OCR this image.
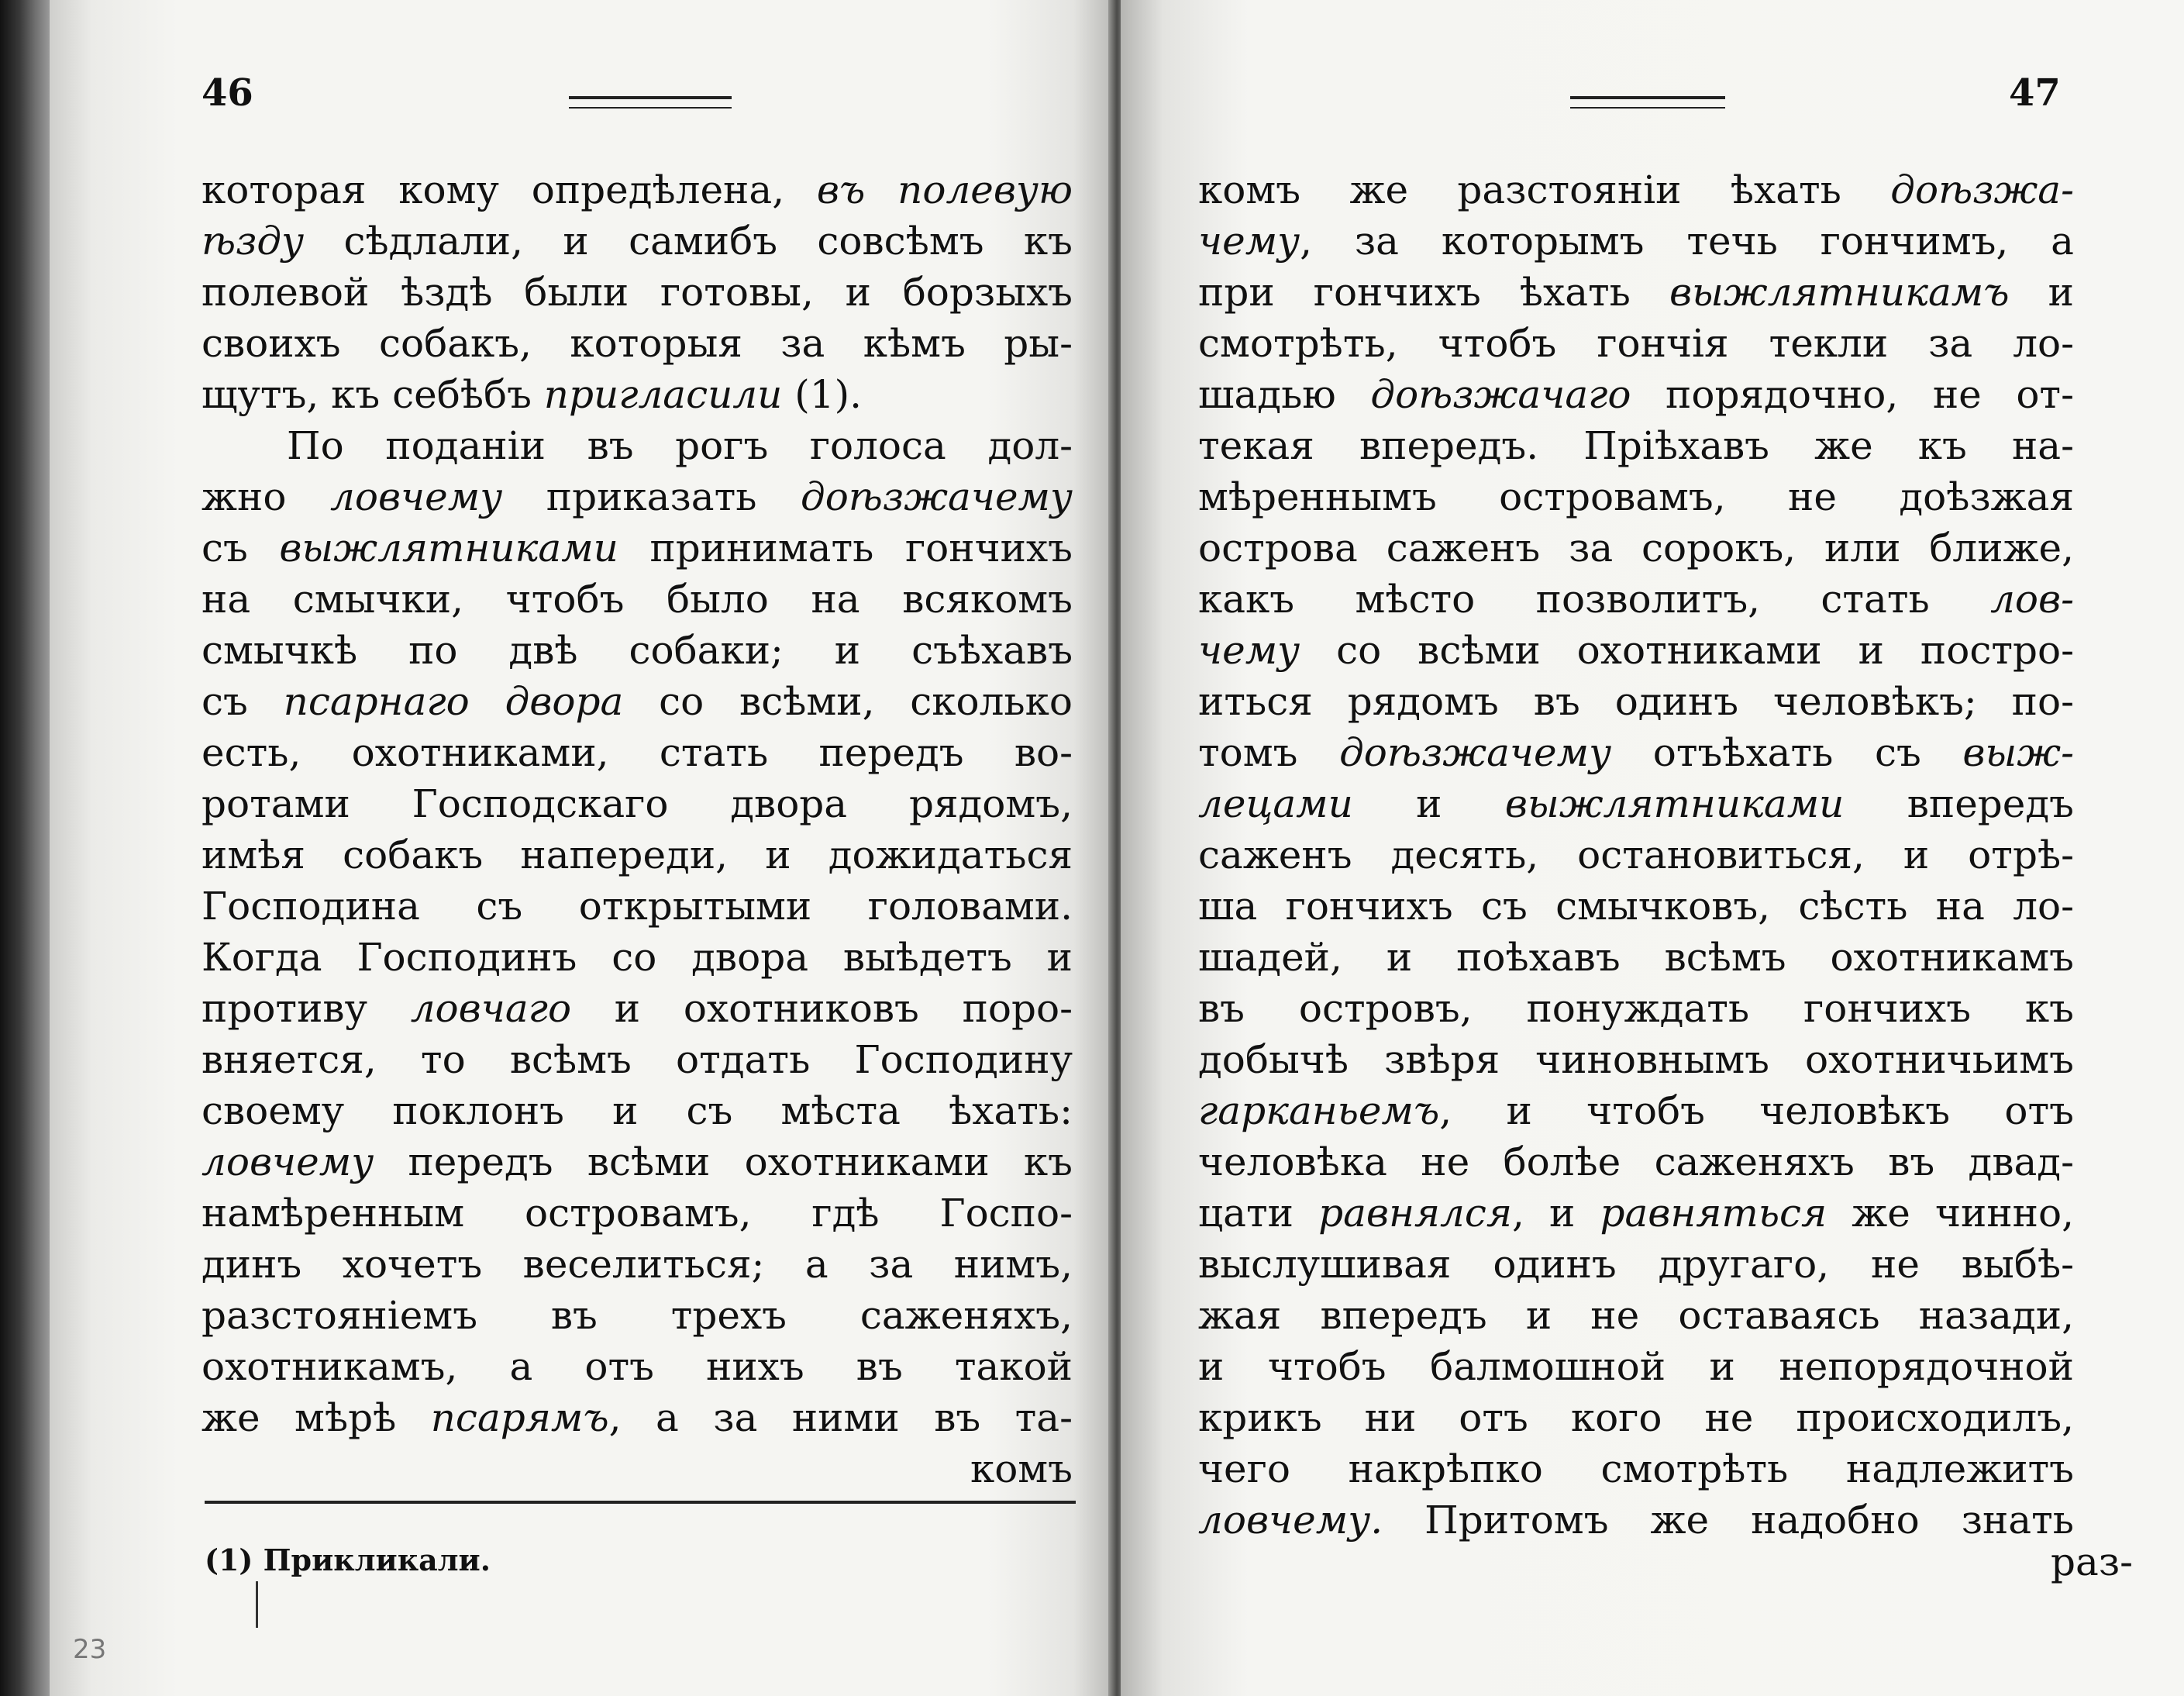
46
которая кому опредѣлена, въ полевую
ѣзду сѣдлали, и самибъ совсѣмъ къ
полевой ѣздѣ были готовы, и борзыхъ
своихъ собакъ, которыя за кѣмъ ры-
щутъ, къ себѣбъ пригласили (1).
По поданіи въ рогъ голоса дол-
жно ловчему приказать доѣзжачему
съ выжлятниками принимать гончихъ
на смычки, чтобъ было на всякомъ
смычкѣ по двѣ собаки; и съѣхавъ
съ псарнаго двора со всѣми, сколько
есть, охотниками, стать передъ во-
ротами Господскаго двора рядомъ,
имѣя собакъ напереди, и дожидаться
Господина съ открытыми головами.
Когда Господинъ со двора выѣдетъ и
противу ловчаго и охотниковъ поро-
вняется, то всѣмъ отдать Господину
своему поклонъ и съ мѣста ѣхать:
ловчему передъ всѣми охотниками къ
намѣренным островамъ, гдѣ Госпо-
динъ хочетъ веселиться; а за нимъ,
разстояніемъ въ трехъ саженяхъ,
охотникамъ, а отъ нихъ въ такой
же мѣрѣ псарямъ, а за ними въ та-
комъ
(1) Прикликали.
47
комъ же разстояніи ѣхать доѣзжа-
чему, за которымъ течь гончимъ, а
при гончихъ ѣхать выжлятникамъ и
смотрѣть, чтобъ гончія текли за ло-
шадью доѣзжачаго порядочно, не от-
текая впередъ. Пріѣхавъ же къ на-
мѣреннымъ островамъ, не доѣзжая
острова саженъ за сорокъ, или ближе,
какъ мѣсто позволитъ, стать лов-
чему со всѣми охотниками и постро-
иться рядомъ въ одинъ человѣкъ; по-
томъ доѣзжачему отъѣхать съ выж-
лецами и выжлятниками впередъ
саженъ десять, остановиться, и отрѣ-
ша гончихъ съ смычковъ, сѣсть на ло-
шадей, и поѣхавъ всѣмъ охотникамъ
въ островъ, понуждать гончихъ къ
добычѣ звѣря чиновнымъ охотничьимъ
гарканьемъ, и чтобъ человѣкъ отъ
человѣка не болѣе саженяхъ въ двад-
цати равнялся, и равняться же чинно,
выслушивая одинъ другаго, не выбѣ-
жая впередъ и не оставаясь назади,
и чтобъ балмошной и непорядочной
крикъ ни отъ кого не происходилъ,
чего накрѣпко смотрѣть надлежитъ
ловчему. Притомъ же надобно знать
раз-
23
